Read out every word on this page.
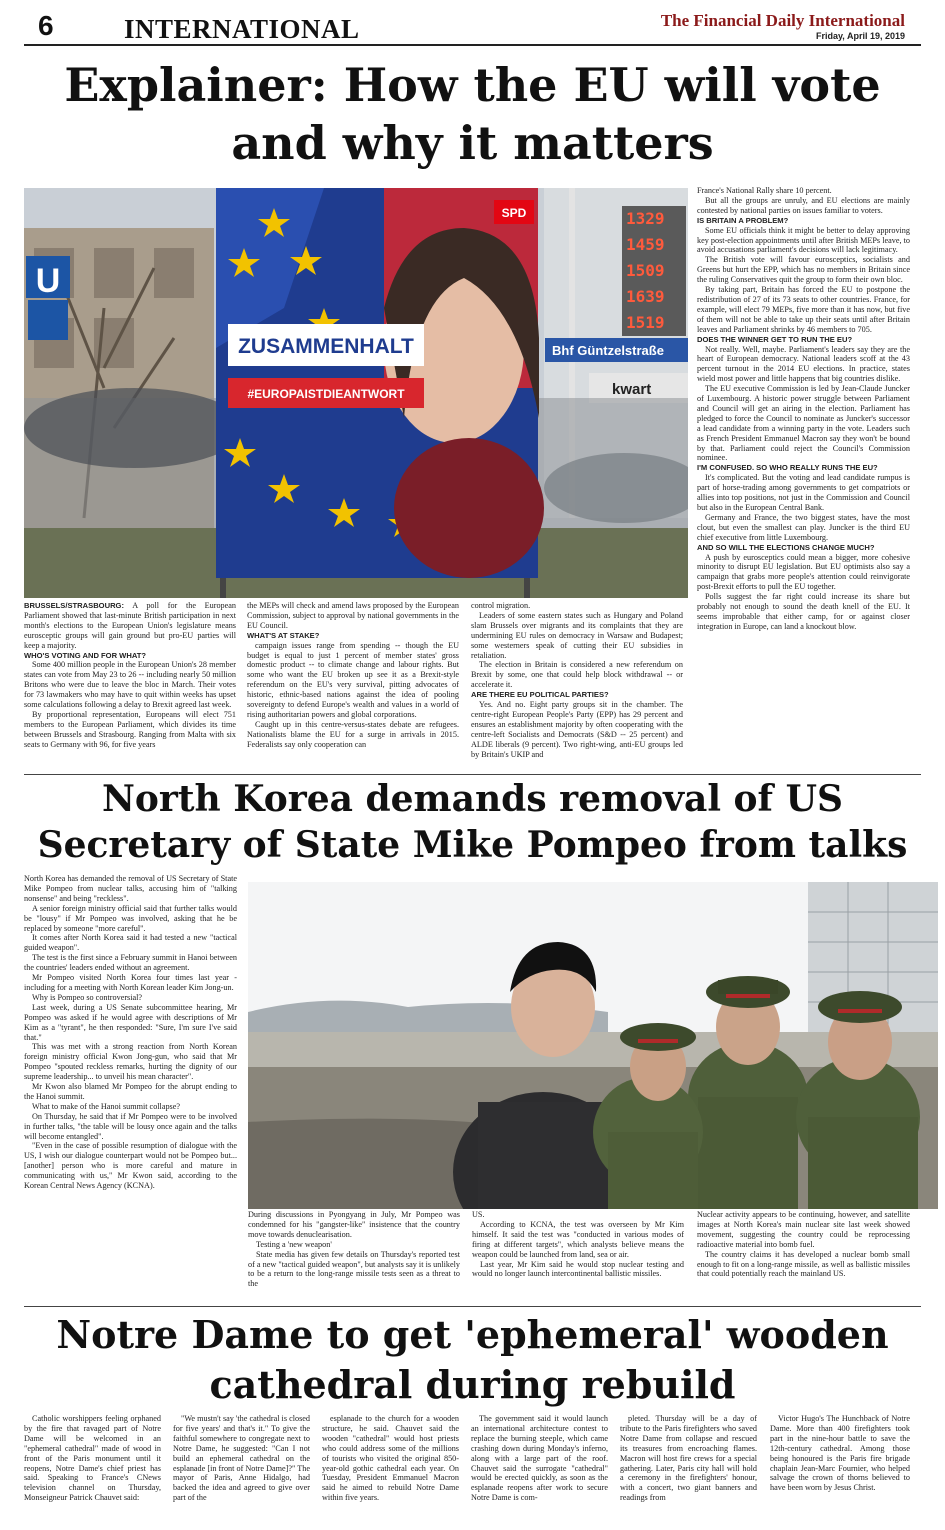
6	INTERNATIONAL	The Financial Daily International
Friday, April 19, 2019
Explainer: How the EU will vote
and why it matters
U
Bhf Güntzelstraße
kwart
SPD
ZUSAMMENHALT
#EUROPAISTDIEANTWORT
1329
1459
1509
1639
1519

BRUSSELS/STRASBOURG: A poll for the European Parliament showed that last-minute British participation in next month's elections to the European Union's legislature means eurosceptic groups will gain ground but pro-EU parties will keep a majority.

WHO'S VOTING AND FOR WHAT?

Some 400 million people in the European Union's 28 member states can vote from May 23 to 26 -- including nearly 50 million Britons who were due to leave the bloc in March. Their votes for 73 lawmakers who may have to quit within weeks has upset some calculations following a delay to Brexit agreed last week.

By proportional representation, Europeans will elect 751 members to the European Parliament, which divides its time between Brussels and Strasbourg. Ranging from Malta with six seats to Germany with 96, for five years

the MEPs will check and amend laws proposed by the European Commission, subject to approval by national governments in the EU Council.

WHAT'S AT STAKE?

campaign issues range from spending -- though the EU budget is equal to just 1 percent of member states' gross domestic product -- to climate change and labour rights. But some who want the EU broken up see it as a Brexit-style referendum on the EU's very survival, pitting advocates of historic, ethnic-based nations against the idea of pooling sovereignty to defend Europe's wealth and values in a world of rising authoritarian powers and global corporations.

Caught up in this centre-versus-states debate are refugees. Nationalists blame the EU for a surge in arrivals in 2015. Federalists say only cooperation can

control migration.

Leaders of some eastern states such as Hungary and Poland slam Brussels over migrants and its complaints that they are undermining EU rules on democracy in Warsaw and Budapest; some westerners speak of cutting their EU subsidies in retaliation.

The election in Britain is considered a new referendum on Brexit by some, one that could help block withdrawal -- or accelerate it.

ARE THERE EU POLITICAL PARTIES?

Yes. And no. Eight party groups sit in the chamber. The centre-right European People's Party (EPP) has 29 percent and ensures an establishment majority by often cooperating with the centre-left Socialists and Democrats (S&D -- 25 percent) and ALDE liberals (9 percent). Two right-wing, anti-EU groups led by Britain's UKIP and

France's National Rally share 10 percent.

But all the groups are unruly, and EU elections are mainly contested by national parties on issues familiar to voters.

IS BRITAIN A PROBLEM?

Some EU officials think it might be better to delay approving key post-election appointments until after British MEPs leave, to avoid accusations parliament's decisions will lack legitimacy.

The British vote will favour eurosceptics, socialists and Greens but hurt the EPP, which has no members in Britain since the ruling Conservatives quit the group to form their own bloc.

By taking part, Britain has forced the EU to postpone the redistribution of 27 of its 73 seats to other countries. France, for example, will elect 79 MEPs, five more than it has now, but five of them will not be able to take up their seats until after Britain leaves and Parliament shrinks by 46 members to 705.

DOES THE WINNER GET TO RUN THE EU?

Not really. Well, maybe. Parliament's leaders say they are the heart of European democracy. National leaders scoff at the 43 percent turnout in the 2014 EU elections. In practice, states wield most power and little happens that big countries dislike.

The EU executive Commission is led by Jean-Claude Juncker of Luxembourg. A historic power struggle between Parliament and Council will get an airing in the election. Parliament has pledged to force the Council to nominate as Juncker's successor a lead candidate from a winning party in the vote. Leaders such as French President Emmanuel Macron say they won't be bound by that. Parliament could reject the Council's Commission nominee.

I'M CONFUSED. SO WHO REALLY RUNS THE EU?

It's complicated. But the voting and lead candidate rumpus is part of horse-trading among governments to get compatriots or allies into top positions, not just in the Commission and Council but also in the European Central Bank.

Germany and France, the two biggest states, have the most clout, but even the smallest can play. Juncker is the third EU chief executive from little Luxembourg.

AND SO WILL THE ELECTIONS CHANGE MUCH?

A push by eurosceptics could mean a bigger, more cohesive minority to disrupt EU legislation. But EU optimists also say a campaign that grabs more people's attention could reinvigorate post-Brexit efforts to pull the EU together.

Polls suggest the far right could increase its share but probably not enough to sound the death knell of the EU. It seems improbable that either camp, for or against closer integration in Europe, can land a knockout blow.

North Korea demands removal of US
Secretary of State Mike Pompeo from talks

North Korea has demanded the removal of US Secretary of State Mike Pompeo from nuclear talks, accusing him of "talking nonsense" and being "reckless".

A senior foreign ministry official said that further talks would be "lousy" if Mr Pompeo was involved, asking that he be replaced by someone "more careful".

It comes after North Korea said it had tested a new "tactical guided weapon".

The test is the first since a February summit in Hanoi between the countries' leaders ended without an agreement.

Mr Pompeo visited North Korea four times last year - including for a meeting with North Korean leader Kim Jong-un.

Why is Pompeo so controversial?

Last week, during a US Senate subcommittee hearing, Mr Pompeo was asked if he would agree with descriptions of Mr Kim as a "tyrant", he then responded: "Sure, I'm sure I've said that."

This was met with a strong reaction from North Korean foreign ministry official Kwon Jong-gun, who said that Mr Pompeo "spouted reckless remarks, hurting the dignity of our supreme leadership... to unveil his mean character".

Mr Kwon also blamed Mr Pompeo for the abrupt ending to the Hanoi summit.

What to make of the Hanoi summit collapse?

On Thursday, he said that if Mr Pompeo were to be involved in further talks, "the table will be lousy once again and the talks will become entangled".

"Even in the case of possible resumption of dialogue with the US, I wish our dialogue counterpart would not be Pompeo but... [another] person who is more careful and mature in communicating with us," Mr Kwon said, according to the Korean Central News Agency (KCNA).

During discussions in Pyongyang in July, Mr Pompeo was condemned for his "gangster-like" insistence that the country move towards denuclearisation.

Testing a 'new weapon'

State media has given few details on Thursday's reported test of a new "tactical guided weapon", but analysts say it is unlikely to be a return to the long-range missile tests seen as a threat to the

US.

According to KCNA, the test was overseen by Mr Kim himself. It said the test was "conducted in various modes of firing at different targets", which analysts believe means the weapon could be launched from land, sea or air.

Last year, Mr Kim said he would stop nuclear testing and would no longer launch intercontinental ballistic missiles.

Nuclear activity appears to be continuing, however, and satellite images at North Korea's main nuclear site last week showed movement, suggesting the country could be reprocessing radioactive material into bomb fuel.

The country claims it has developed a nuclear bomb small enough to fit on a long-range missile, as well as ballistic missiles that could potentially reach the mainland US.

Notre Dame to get 'ephemeral' wooden
cathedral during rebuild

Catholic worshippers feeling orphaned by the fire that ravaged part of Notre Dame will be welcomed in an "ephemeral cathedral" made of wood in front of the Paris monument until it reopens, Notre Dame's chief priest has said. Speaking to France's CNews television channel on Thursday, Monseigneur Patrick Chauvet said:

"We mustn't say 'the cathedral is closed for five years' and that's it." To give the faithful somewhere to congregate next to Notre Dame, he suggested: "Can I not build an ephemeral cathedral on the esplanade [in front of Notre Dame]?" The mayor of Paris, Anne Hidalgo, had backed the idea and agreed to give over part of the

esplanade to the church for a wooden structure, he said. Chauvet said the wooden "cathedral" would host priests who could address some of the millions of tourists who visited the original 850-year-old gothic cathedral each year. On Tuesday, President Emmanuel Macron said he aimed to rebuild Notre Dame within five years.

The government said it would launch an international architecture contest to replace the burning steeple, which came crashing down during Monday's inferno, along with a large part of the roof. Chauvet said the surrogate "cathedral" would be erected quickly, as soon as the esplanade reopens after work to secure Notre Dame is com-

pleted. Thursday will be a day of tribute to the Paris firefighters who saved Notre Dame from collapse and rescued its treasures from encroaching flames. Macron will host fire crews for a special gathering. Later, Paris city hall will hold a ceremony in the firefighters' honour, with a concert, two giant banners and readings from

Victor Hugo's The Hunchback of Notre Dame. More than 400 firefighters took part in the nine-hour battle to save the 12th-century cathedral. Among those being honoured is the Paris fire brigade chaplain Jean-Marc Fournier, who helped salvage the crown of thorns believed to have been worn by Jesus Christ.
